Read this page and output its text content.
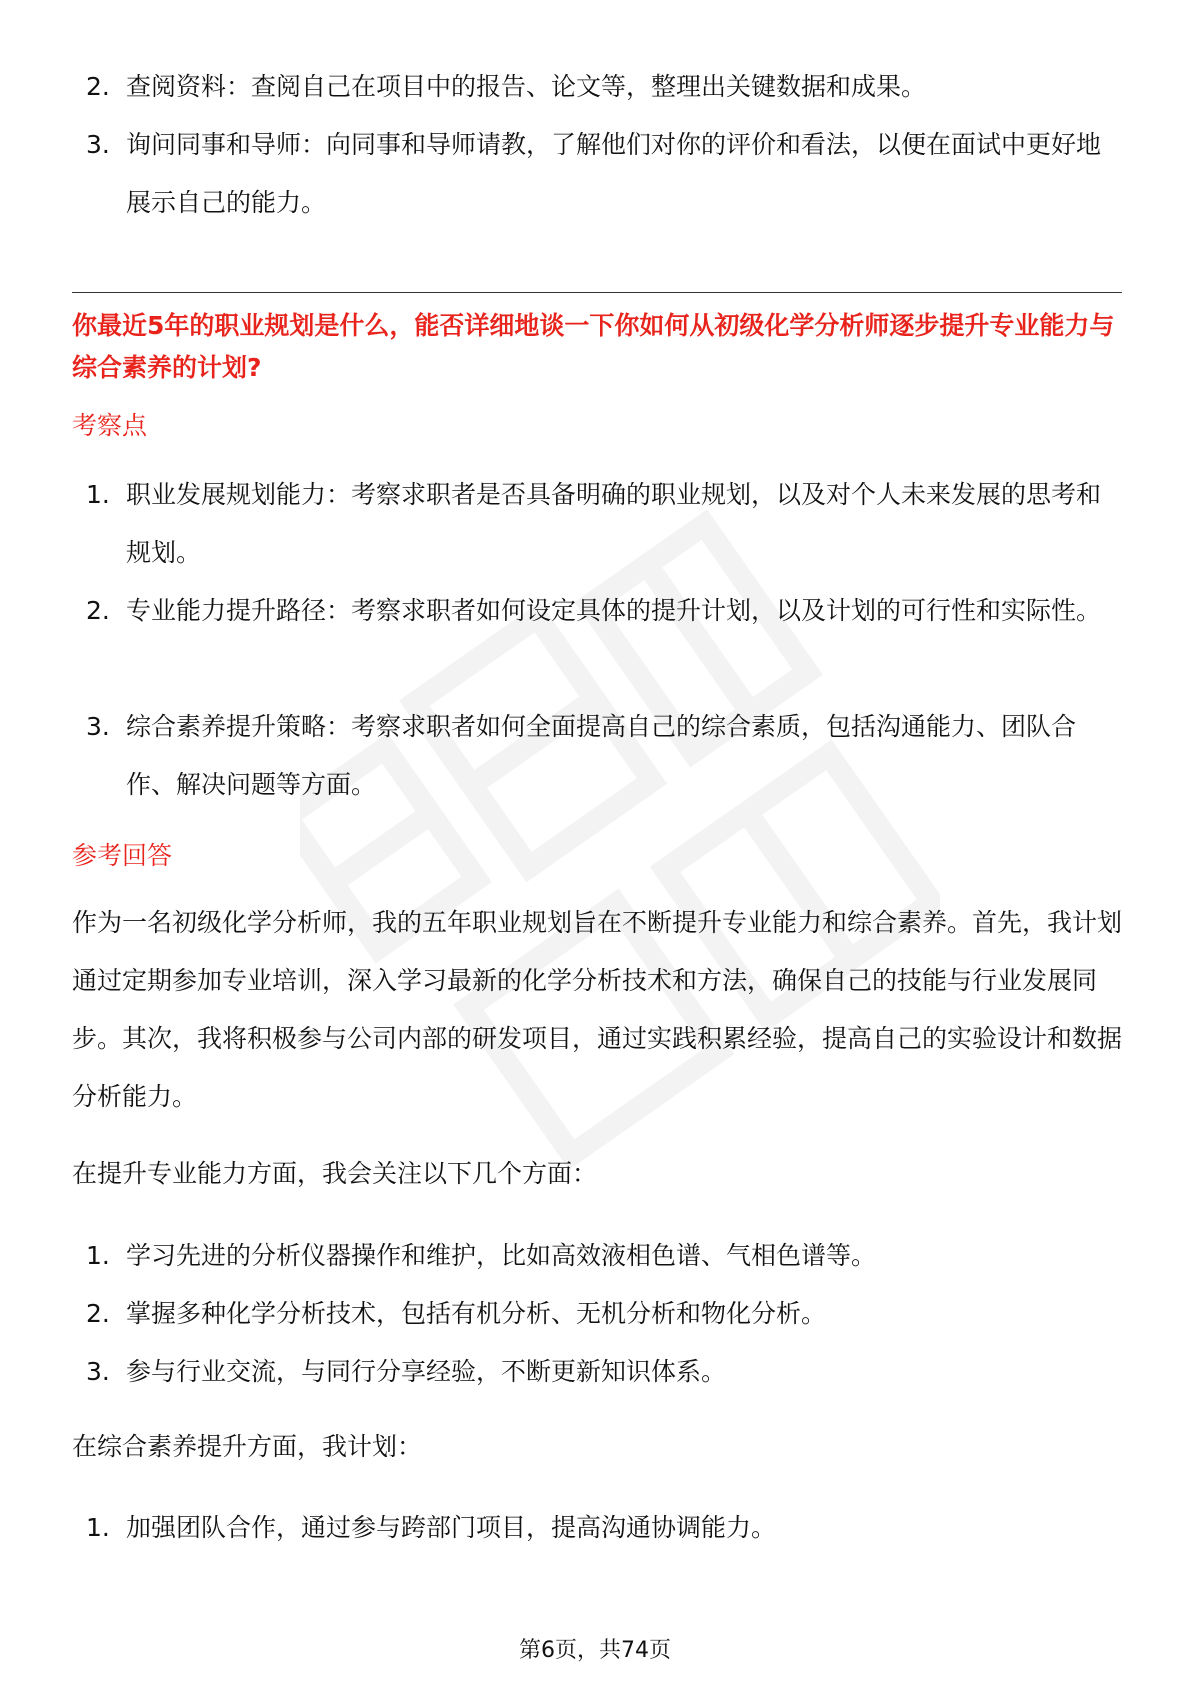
2. 查阅资料：查阅自己在项目中的报告、论文等，整理出关键数据和成果。
3. 询问同事和导师：向同事和导师请教，了解他们对你的评价和看法，以便在面试中更好地展示自己的能力。
你最近5年的职业规划是什么，能否详细地谈一下你如何从初级化学分析师逐步提升专业能力与综合素养的计划?
考察点
1. 职业发展规划能力：考察求职者是否具备明确的职业规划，以及对个人未来发展的思考和规划。
2. 专业能力提升路径：考察求职者如何设定具体的提升计划，以及计划的可行性和实际性。
3. 综合素养提升策略：考察求职者如何全面提高自己的综合素质，包括沟通能力、团队合作、解决问题等方面。
参考回答

作为一名初级化学分析师，我的五年职业规划旨在不断提升专业能力和综合素养。首先，我计划通过定期参加专业培训，深入学习最新的化学分析技术和方法，确保自己的技能与行业发展同步。其次，我将积极参与公司内部的研发项目，通过实践积累经验，提高自己的实验设计和数据分析能力。

在提升专业能力方面，我会关注以下几个方面：

1. 学习先进的分析仪器操作和维护，比如高效液相色谱、气相色谱等。
2. 掌握多种化学分析技术，包括有机分析、无机分析和物化分析。
3. 参与行业交流，与同行分享经验，不断更新知识体系。

在综合素养提升方面，我计划：

1. 加强团队合作，通过参与跨部门项目，提高沟通协调能力。
第6页，共74页
